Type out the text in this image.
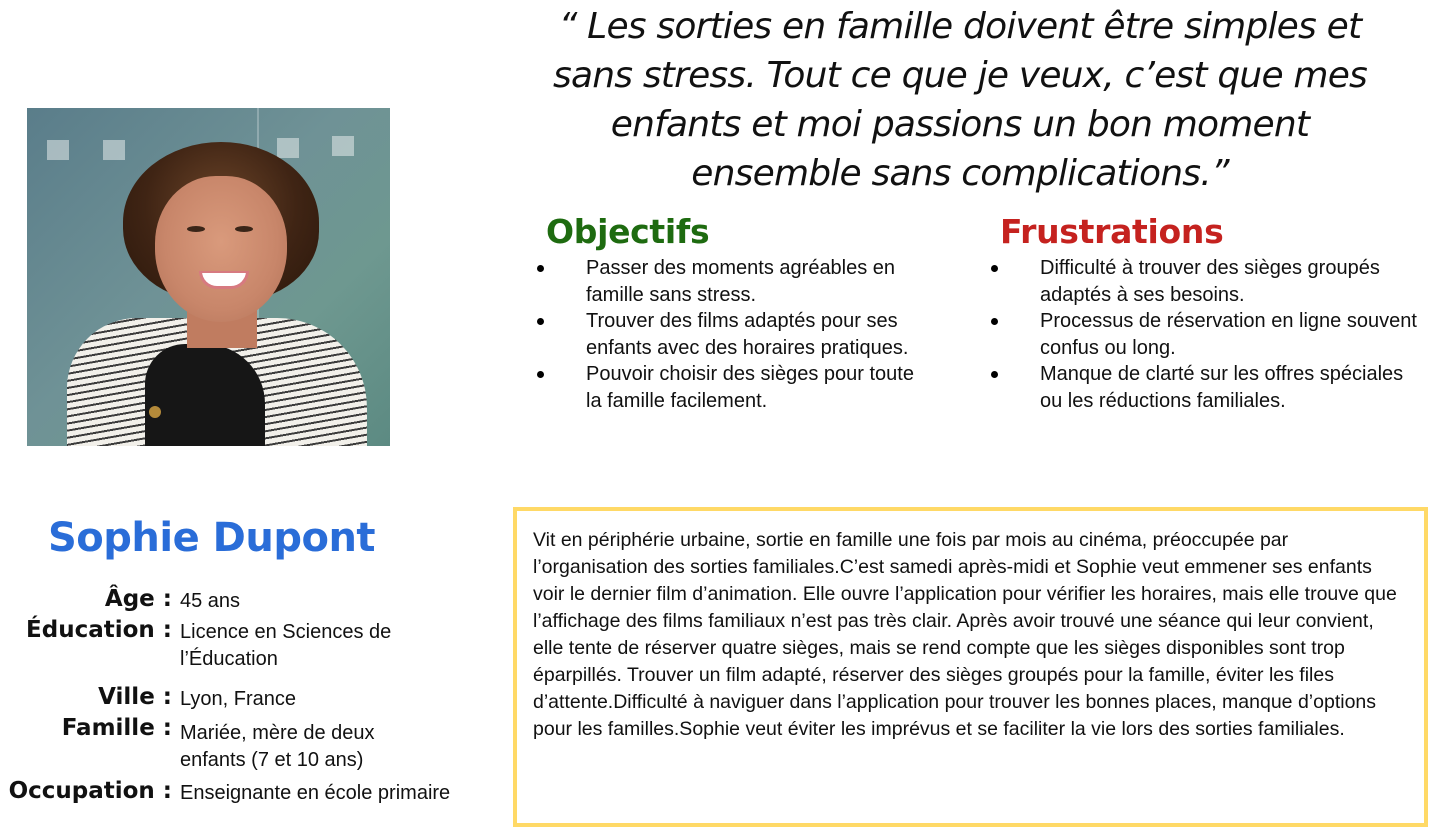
“ Les sorties en famille doivent être simples et sans stress. Tout ce que je veux, c’est que mes enfants et moi passions un bon moment ensemble sans complications.”
Objectifs
Passer des moments agréables en famille sans stress.
Trouver des films adaptés pour ses enfants avec des horaires pratiques.
Pouvoir choisir des sièges pour toute la famille facilement.
Frustrations
Difficulté à trouver des sièges groupés adaptés à ses besoins.
Processus de réservation en ligne souvent confus ou long.
Manque de clarté sur les offres spéciales ou les réductions familiales.
Sophie Dupont
Âge : 45 ans
Éducation : Licence en Sciences de l’Éducation
Ville : Lyon, France
Famille : Mariée, mère de deux enfants (7 et 10 ans)
Occupation : Enseignante en école primaire

Vit en périphérie urbaine, sortie en famille une fois par mois au cinéma, préoccupée par l’organisation des sorties familiales.C’est samedi après-midi et Sophie veut emmener ses enfants voir le dernier film d’animation. Elle ouvre l’application pour vérifier les horaires, mais elle trouve que l’affichage des films familiaux n’est pas très clair. Après avoir trouvé une séance qui leur convient, elle tente de réserver quatre sièges, mais se rend compte que les sièges disponibles sont trop éparpillés. Trouver un film adapté, réserver des sièges groupés pour la famille, éviter les files d’attente.Difficulté à naviguer dans l’application pour trouver les bonnes places, manque d’options pour les familles.Sophie veut éviter les imprévus et se faciliter la vie lors des sorties familiales.
